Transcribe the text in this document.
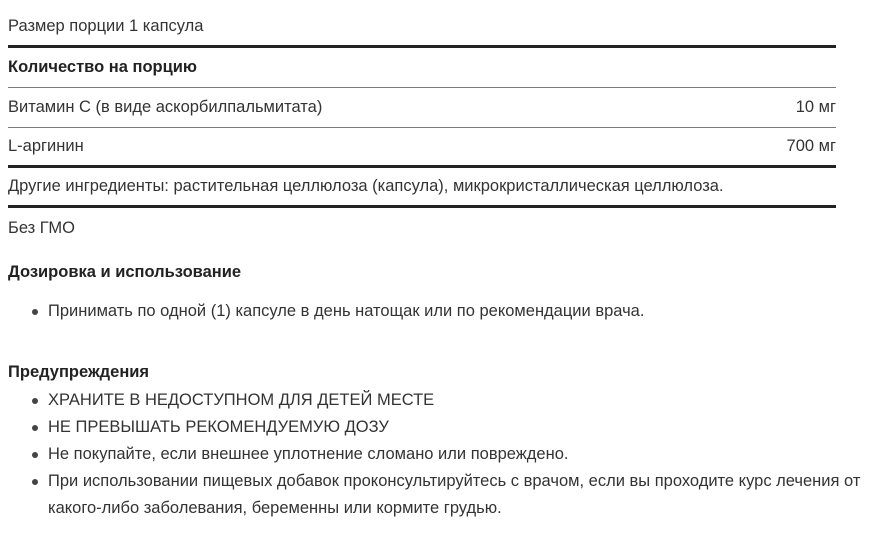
Размер порции 1 капсула
Количество на порцию
Витамин С (в виде аскорбилпальмитата)	10 мг
L-аргинин	700 мг
Другие ингредиенты: растительная целлюлоза (капсула), микрокристаллическая целлюлоза.
Без ГМО
Дозировка и использование
Принимать по одной (1) капсуле в день натощак или по рекомендации врача.
Предупреждения
ХРАНИТЕ В НЕДОСТУПНОМ ДЛЯ ДЕТЕЙ МЕСТЕ
НЕ ПРЕВЫШАТЬ РЕКОМЕНДУЕМУЮ ДОЗУ
Не покупайте, если внешнее уплотнение сломано или повреждено.
При использовании пищевых добавок проконсультируйтесь с врачом, если вы проходите курс лечения от какого-либо заболевания, беременны или кормите грудью.
